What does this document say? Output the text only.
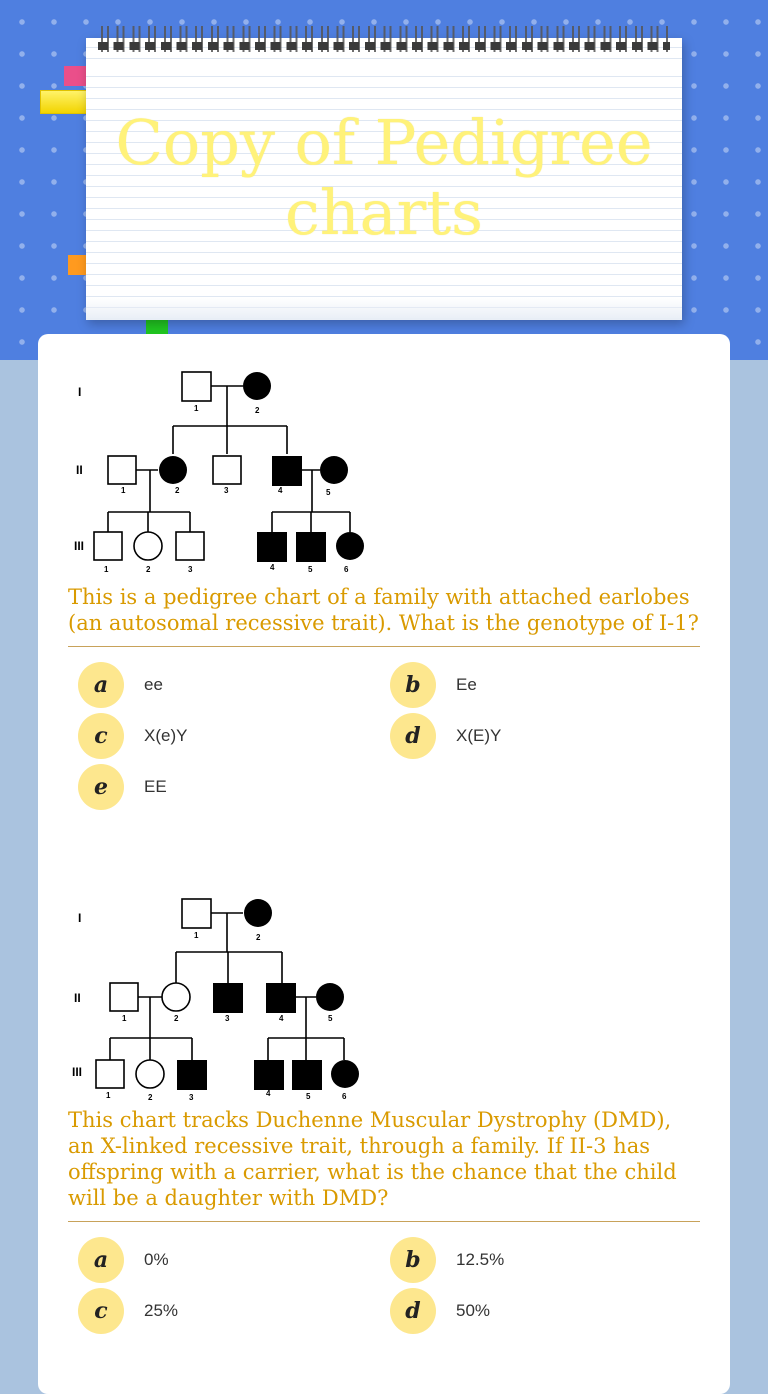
Copy of Pedigree charts
I
II
III
1	2
1	2	3	4	5
1	2	3	4	5	6

This is a pedigree chart of a family with attached earlobes (an autosomal recessive trait). What is the genotype of I-1?

a	ee	b	Ee
c	X(e)Y	d	X(E)Y
e	EE
I
II
III
1	2
1	2	3	4	5
1	2	3	4	5	6

This chart tracks Duchenne Muscular Dystrophy (DMD), an X-linked recessive trait, through a family. If II-3 has offspring with a carrier, what is the chance that the child will be a daughter with DMD?

a	0%	b	12.5%
c	25%	d	50%
